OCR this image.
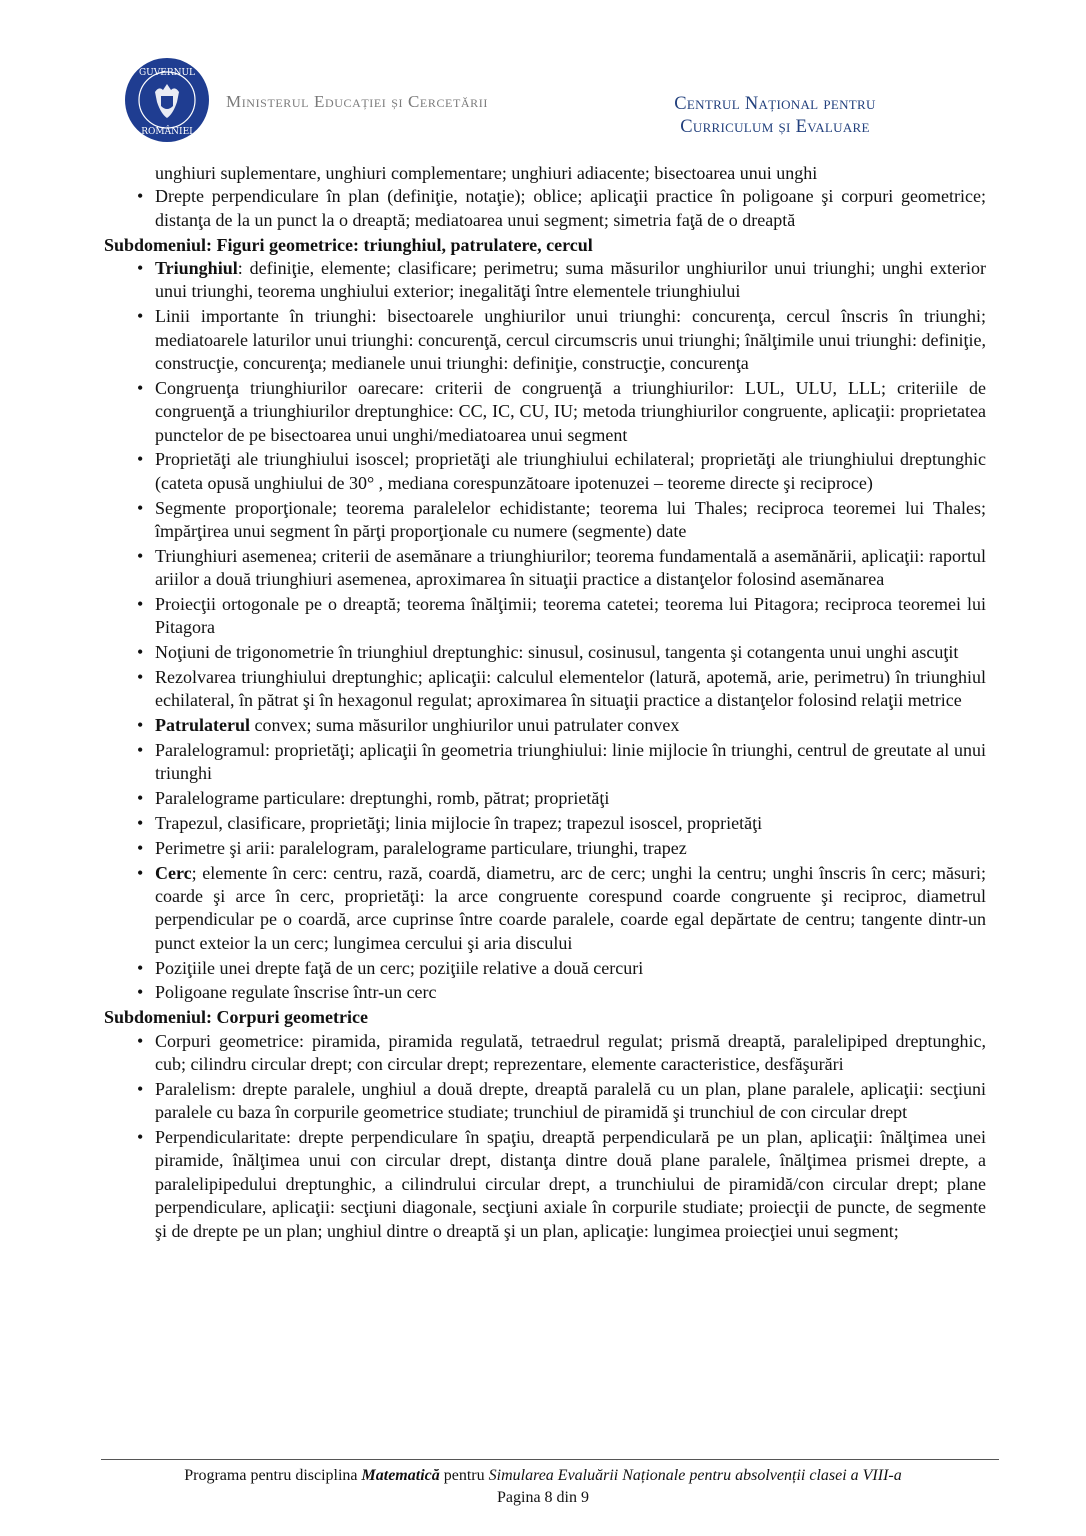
GUVERNUL
ROMÂNIEI
Ministerul Educației și Cercetării	Centrul Național pentru
Curriculum și Evaluare
unghiuri suplementare, unghiuri complementare; unghiuri adiacente; bisectoarea unui unghi
• Drepte perpendiculare în plan (definiţie, notaţie); oblice; aplicaţii practice în poligoane şi corpuri geometrice; distanţa de la un punct la o dreaptă; mediatoarea unui segment; simetria faţă de o dreaptă

Subdomeniul: Figuri geometrice: triunghiul, patrulatere, cercul

• Triunghiul: definiţie, elemente; clasificare; perimetru; suma măsurilor unghiurilor unui triunghi; unghi exterior unui triunghi, teorema unghiului exterior; inegalităţi între elementele triunghiului
• Linii importante în triunghi: bisectoarele unghiurilor unui triunghi: concurenţa, cercul înscris în triunghi; mediatoarele laturilor unui triunghi: concurenţă, cercul circumscris unui triunghi; înălţimile unui triunghi: definiţie, construcţie, concurenţa; medianele unui triunghi: definiţie, construcţie, concurenţa
• Congruenţa triunghiurilor oarecare: criterii de congruenţă a triunghiurilor: LUL, ULU, LLL; criteriile de congruenţă a triunghiurilor dreptunghice: CC, IC, CU, IU; metoda triunghiurilor congruente, aplicaţii: proprietatea punctelor de pe bisectoarea unui unghi/mediatoarea unui segment
• Proprietăţi ale triunghiului isoscel; proprietăţi ale triunghiului echilateral; proprietăţi ale triunghiului dreptunghic (cateta opusă unghiului de 30° , mediana corespunzătoare ipotenuzei – teoreme directe şi reciproce)
• Segmente proporţionale; teorema paralelelor echidistante; teorema lui Thales; reciproca teoremei lui Thales; împărţirea unui segment în părţi proporţionale cu numere (segmente) date
• Triunghiuri asemenea; criterii de asemănare a triunghiurilor; teorema fundamentală a asemănării, aplicaţii: raportul ariilor a două triunghiuri asemenea, aproximarea în situaţii practice a distanţelor folosind asemănarea
• Proiecţii ortogonale pe o dreaptă; teorema înălţimii; teorema catetei; teorema lui Pitagora; reciproca teoremei lui Pitagora
• Noţiuni de trigonometrie în triunghiul dreptunghic: sinusul, cosinusul, tangenta şi cotangenta unui unghi ascuţit
• Rezolvarea triunghiului dreptunghic; aplicaţii: calculul elementelor (latură, apotemă, arie, perimetru) în triunghiul echilateral, în pătrat şi în hexagonul regulat; aproximarea în situaţii practice a distanţelor folosind relaţii metrice
• Patrulaterul convex; suma măsurilor unghiurilor unui patrulater convex
• Paralelogramul: proprietăţi; aplicaţii în geometria triunghiului: linie mijlocie în triunghi, centrul de greutate al unui triunghi
• Paralelograme particulare: dreptunghi, romb, pătrat; proprietăţi
• Trapezul, clasificare, proprietăţi; linia mijlocie în trapez; trapezul isoscel, proprietăţi
• Perimetre şi arii: paralelogram, paralelograme particulare, triunghi, trapez
• Cerc; elemente în cerc: centru, rază, coardă, diametru, arc de cerc; unghi la centru; unghi înscris în cerc; măsuri; coarde şi arce în cerc, proprietăţi: la arce congruente corespund coarde congruente şi reciproc, diametrul perpendicular pe o coardă, arce cuprinse între coarde paralele, coarde egal depărtate de centru; tangente dintr-un punct exteior la un cerc; lungimea cercului şi aria discului
• Poziţiile unei drepte faţă de un cerc; poziţiile relative a două cercuri
• Poligoane regulate înscrise într-un cerc

Subdomeniul: Corpuri geometrice

• Corpuri geometrice: piramida, piramida regulată, tetraedrul regulat; prismă dreaptă, paralelipiped dreptunghic, cub; cilindru circular drept; con circular drept; reprezentare, elemente caracteristice, desfăşurări
• Paralelism: drepte paralele, unghiul a două drepte, dreaptă paralelă cu un plan, plane paralele, aplicaţii: secţiuni paralele cu baza în corpurile geometrice studiate; trunchiul de piramidă şi trunchiul de con circular drept
• Perpendicularitate: drepte perpendiculare în spaţiu, dreaptă perpendiculară pe un plan, aplicaţii: înălţimea unei piramide, înălţimea unui con circular drept, distanţa dintre două plane paralele, înălţimea prismei drepte, a paralelipipedului dreptunghic, a cilindrului circular drept, a trunchiului de piramidă/con circular drept; plane perpendiculare, aplicaţii: secţiuni diagonale, secţiuni axiale în corpurile studiate; proiecţii de puncte, de segmente şi de drepte pe un plan; unghiul dintre o dreaptă şi un plan, aplicaţie: lungimea proiecţiei unui segment;
Programa pentru disciplina Matematică pentru Simularea Evaluării Naționale pentru absolvenții clasei a VIII-a
Pagina 8 din 9
